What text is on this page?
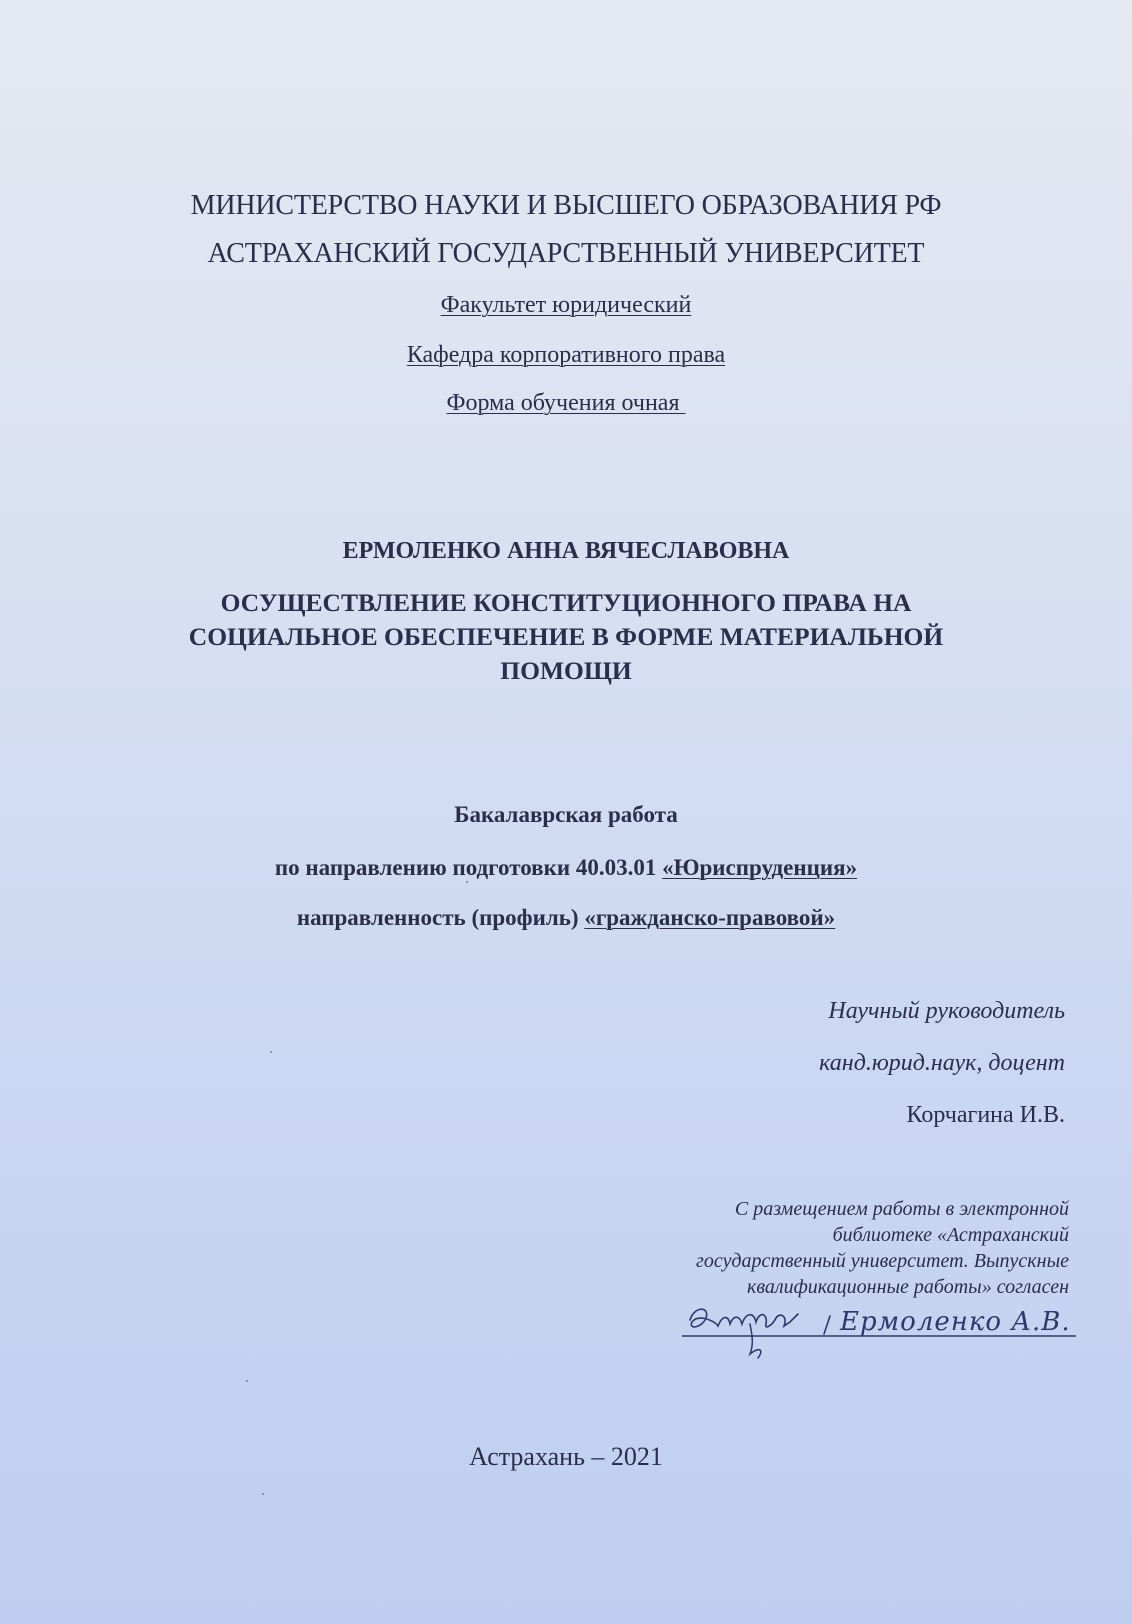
МИНИСТЕРСТВО НАУКИ И ВЫСШЕГО ОБРАЗОВАНИЯ РФ
АСТРАХАНСКИЙ ГОСУДАРСТВЕННЫЙ УНИВЕРСИТЕТ
Факультет юридический
Кафедра корпоративного права
Форма обучения очная
ЕРМОЛЕНКО АННА ВЯЧЕСЛАВОВНА
ОСУЩЕСТВЛЕНИЕ КОНСТИТУЦИОННОГО ПРАВА НА
СОЦИАЛЬНОЕ ОБЕСПЕЧЕНИЕ В ФОРМЕ МАТЕРИАЛЬНОЙ
ПОМОЩИ
Бакалаврская работа
по направлению подготовки 40.03.01 «Юриспруденция»
направленность (профиль) «гражданско-правовой»
Научный руководитель
канд.юрид.наук, доцент
Корчагина И.В.
С размещением работы в электронной
библиотеке «Астраханский
государственный университет. Выпускные
квалификационные работы» согласен
Ермоленко А.В.
Астрахань – 2021
